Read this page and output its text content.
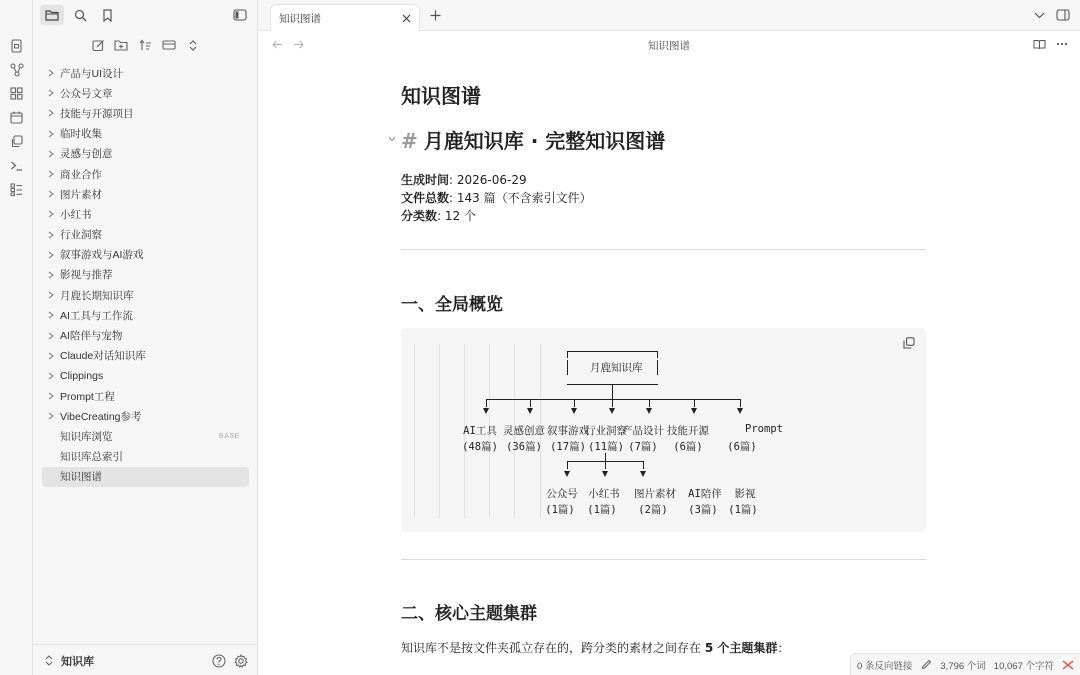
产品与UI设计
公众号文章
技能与开源项目
临时收集
灵感与创意
商业合作
图片素材
小红书
行业洞察
叙事游戏与AI游戏
影视与推荐
月鹿长期知识库
AI工具与工作流
AI陪伴与宠物
Claude对话知识库
Clippings
Prompt工程
VibeCreating参考
知识库浏览	BASE
知识库总索引
知识图谱
知识库
知识图谱
知识图谱
知识图谱
# 月鹿知识库 · 完整知识图谱
生成时间: 2026-06-29
文件总数: 143 篇（不含索引文件）
分类数: 12 个
一、全局概览
月鹿知识库
AI工具
(48篇)
灵感创意
(36篇)
叙事游戏
(17篇)
行业洞察
(11篇)
产品设计
(7篇)
技能开源
(6篇)
Prompt
(6篇)
公众号
(1篇)
小红书
(1篇)
图片素材
(2篇)
AI陪伴
(3篇)
影视
(1篇)
二、核心主题集群
知识库不是按文件夹孤立存在的，跨分类的素材之间存在 5 个主题集群：
0 条反向链接	3,796 个词 10,067 个字符
